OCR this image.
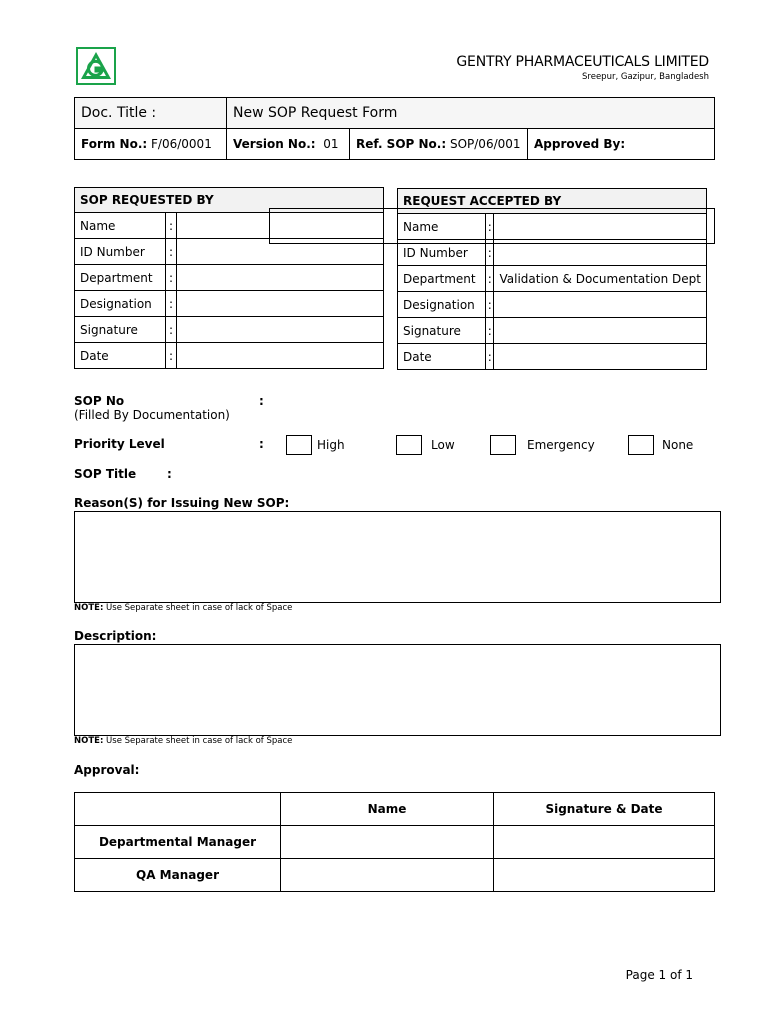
GENTRY PHARMACEUTICALS LIMITED
Sreepur, Gazipur, Bangladesh
Doc. Title :	New SOP Request Form		
Form No.: F/06/0001	Version No.: 01	Ref. SOP No.: SOP/06/001	Approved By:
SOP REQUESTED BY		
Name	:	
ID Number	:	
Department	:	
Designation	:	
Signature	:	
Date	:	
REQUEST ACCEPTED BY		
Name	:	
ID Number	:	
Department	:	Validation & Documentation Dept
Designation	:	
Signature	:	
Date	:	
SOP No
(Filled By Documentation)
:
Priority Level	:	High	Low	Emergency	None
SOP Title	:
Reason(S) for Issuing New SOP:
NOTE: Use Separate sheet in case of lack of Space
Description:
NOTE: Use Separate sheet in case of lack of Space
Approval:
	Name	Signature & Date
Departmental Manager		
QA Manager		
Page 1 of 1
